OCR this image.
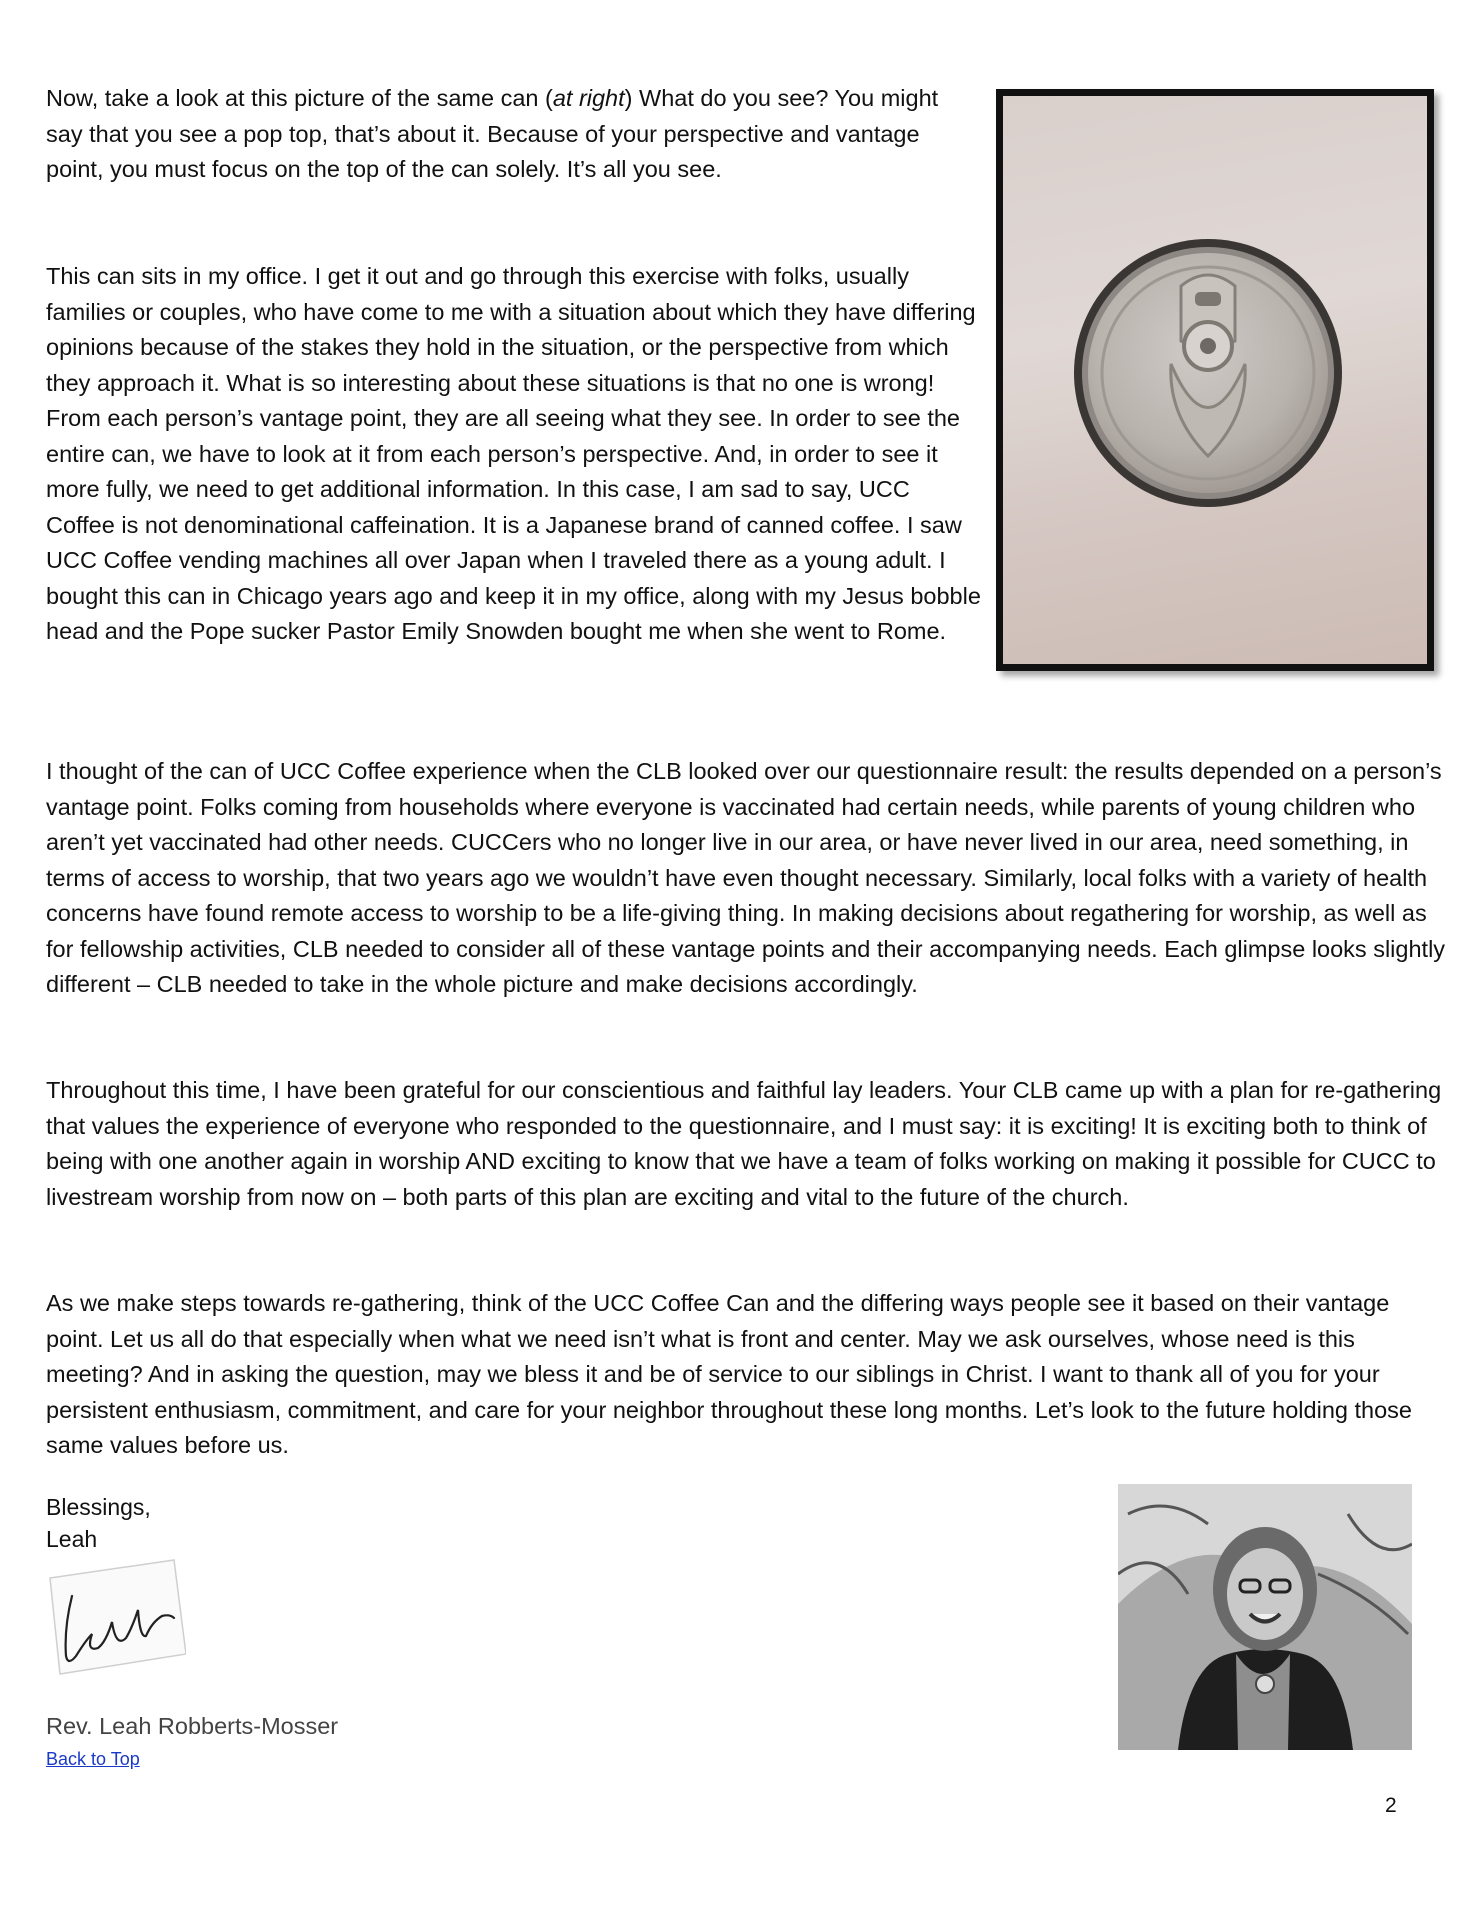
Now, take a look at this picture of the same can (at right) What do you see? You might say that you see a pop top, that’s about it. Because of your perspective and vantage point, you must focus on the top of the can solely. It’s all you see.

This can sits in my office. I get it out and go through this exercise with folks, usually families or couples, who have come to me with a situation about which they have differing opinions because of the stakes they hold in the situation, or the perspective from which they approach it. What is so interesting about these situations is that no one is wrong! From each person’s vantage point, they are all seeing what they see. In order to see the entire can, we have to look at it from each person’s perspective. And, in order to see it more fully, we need to get additional information. In this case, I am sad to say, UCC Coffee is not denominational caffeination. It is a Japanese brand of canned coffee. I saw UCC Coffee vending machines all over Japan when I traveled there as a young adult. I bought this can in Chicago years ago and keep it in my office, along with my Jesus bobble head and the Pope sucker Pastor Emily Snowden bought me when she went to Rome.

I thought of the can of UCC Coffee experience when the CLB looked over our questionnaire result: the results depended on a person’s vantage point. Folks coming from households where everyone is vaccinated had certain needs, while parents of young children who aren’t yet vaccinated had other needs. CUCCers who no longer live in our area, or have never lived in our area, need something, in terms of access to worship, that two years ago we wouldn’t have even thought necessary. Similarly, local folks with a variety of health concerns have found remote access to worship to be a life-giving thing. In making decisions about regathering for worship, as well as for fellowship activities, CLB needed to consider all of these vantage points and their accompanying needs. Each glimpse looks slightly different – CLB needed to take in the whole picture and make decisions accordingly.

Throughout this time, I have been grateful for our conscientious and faithful lay leaders. Your CLB came up with a plan for re-gathering that values the experience of everyone who responded to the questionnaire, and I must say: it is exciting! It is exciting both to think of being with one another again in worship AND exciting to know that we have a team of folks working on making it possible for CUCC to livestream worship from now on – both parts of this plan are exciting and vital to the future of the church.

As we make steps towards re-gathering, think of the UCC Coffee Can and the differing ways people see it based on their vantage point. Let us all do that especially when what we need isn’t what is front and center. May we ask ourselves, whose need is this meeting? And in asking the question, may we bless it and be of service to our siblings in Christ. I want to thank all of you for your persistent enthusiasm, commitment, and care for your neighbor throughout these long months. Let’s look to the future holding those same values before us.

Blessings,
Leah
Rev. Leah Robberts-Mosser
Back to Top
2
